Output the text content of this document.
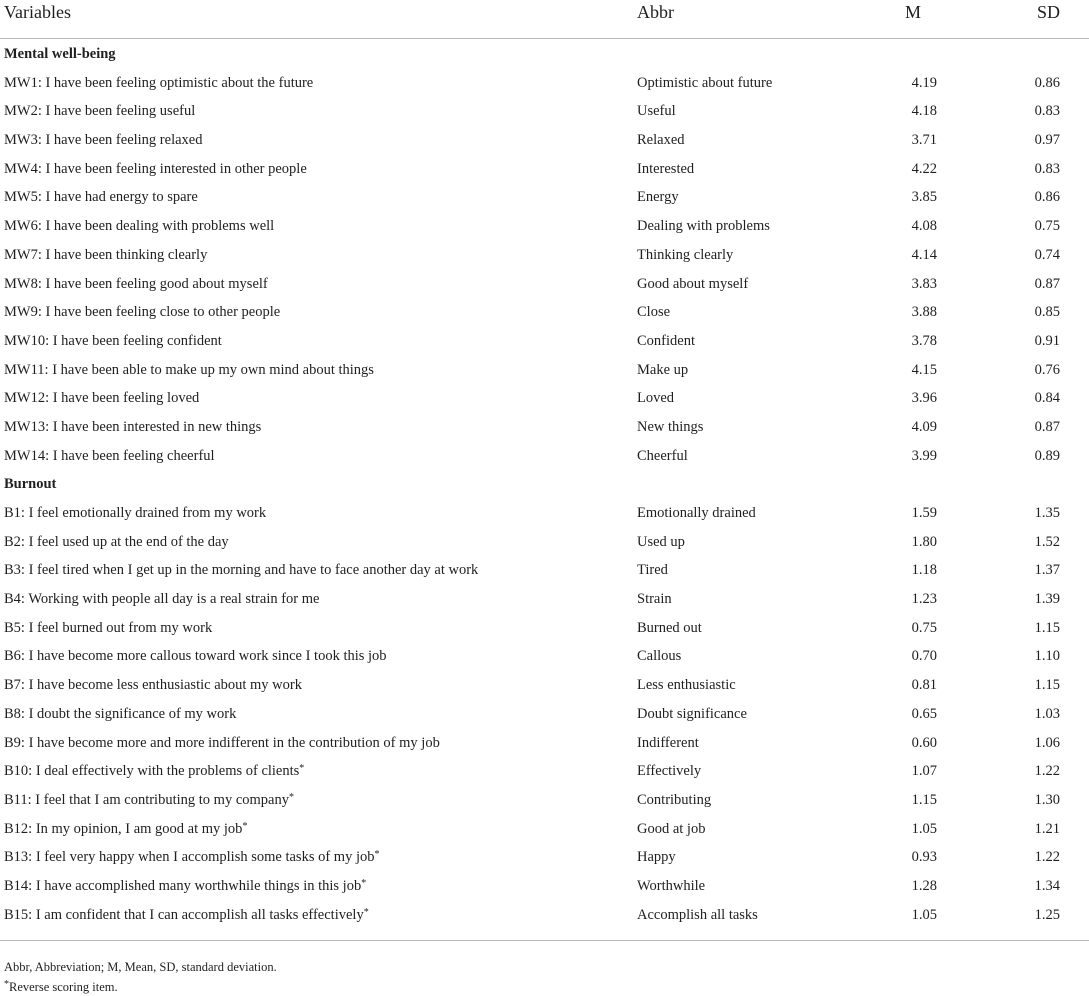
Variables	Abbr	M	SD
Mental well-being
MW1: I have been feeling optimistic about the future	Optimistic about future	4.19	0.86
MW2: I have been feeling useful	Useful	4.18	0.83
MW3: I have been feeling relaxed	Relaxed	3.71	0.97
MW4: I have been feeling interested in other people	Interested	4.22	0.83
MW5: I have had energy to spare	Energy	3.85	0.86
MW6: I have been dealing with problems well	Dealing with problems	4.08	0.75
MW7: I have been thinking clearly	Thinking clearly	4.14	0.74
MW8: I have been feeling good about myself	Good about myself	3.83	0.87
MW9: I have been feeling close to other people	Close	3.88	0.85
MW10: I have been feeling confident	Confident	3.78	0.91
MW11: I have been able to make up my own mind about things	Make up	4.15	0.76
MW12: I have been feeling loved	Loved	3.96	0.84
MW13: I have been interested in new things	New things	4.09	0.87
MW14: I have been feeling cheerful	Cheerful	3.99	0.89
Burnout
B1: I feel emotionally drained from my work	Emotionally drained	1.59	1.35
B2: I feel used up at the end of the day	Used up	1.80	1.52
B3: I feel tired when I get up in the morning and have to face another day at work	Tired	1.18	1.37
B4: Working with people all day is a real strain for me	Strain	1.23	1.39
B5: I feel burned out from my work	Burned out	0.75	1.15
B6: I have become more callous toward work since I took this job	Callous	0.70	1.10
B7: I have become less enthusiastic about my work	Less enthusiastic	0.81	1.15
B8: I doubt the significance of my work	Doubt significance	0.65	1.03
B9: I have become more and more indifferent in the contribution of my job	Indifferent	0.60	1.06
B10: I deal effectively with the problems of clients*	Effectively	1.07	1.22
B11: I feel that I am contributing to my company*	Contributing	1.15	1.30
B12: In my opinion, I am good at my job*	Good at job	1.05	1.21
B13: I feel very happy when I accomplish some tasks of my job*	Happy	0.93	1.22
B14: I have accomplished many worthwhile things in this job*	Worthwhile	1.28	1.34
B15: I am confident that I can accomplish all tasks effectively*	Accomplish all tasks	1.05	1.25
Abbr, Abbreviation; M, Mean, SD, standard deviation.
*Reverse scoring item.
